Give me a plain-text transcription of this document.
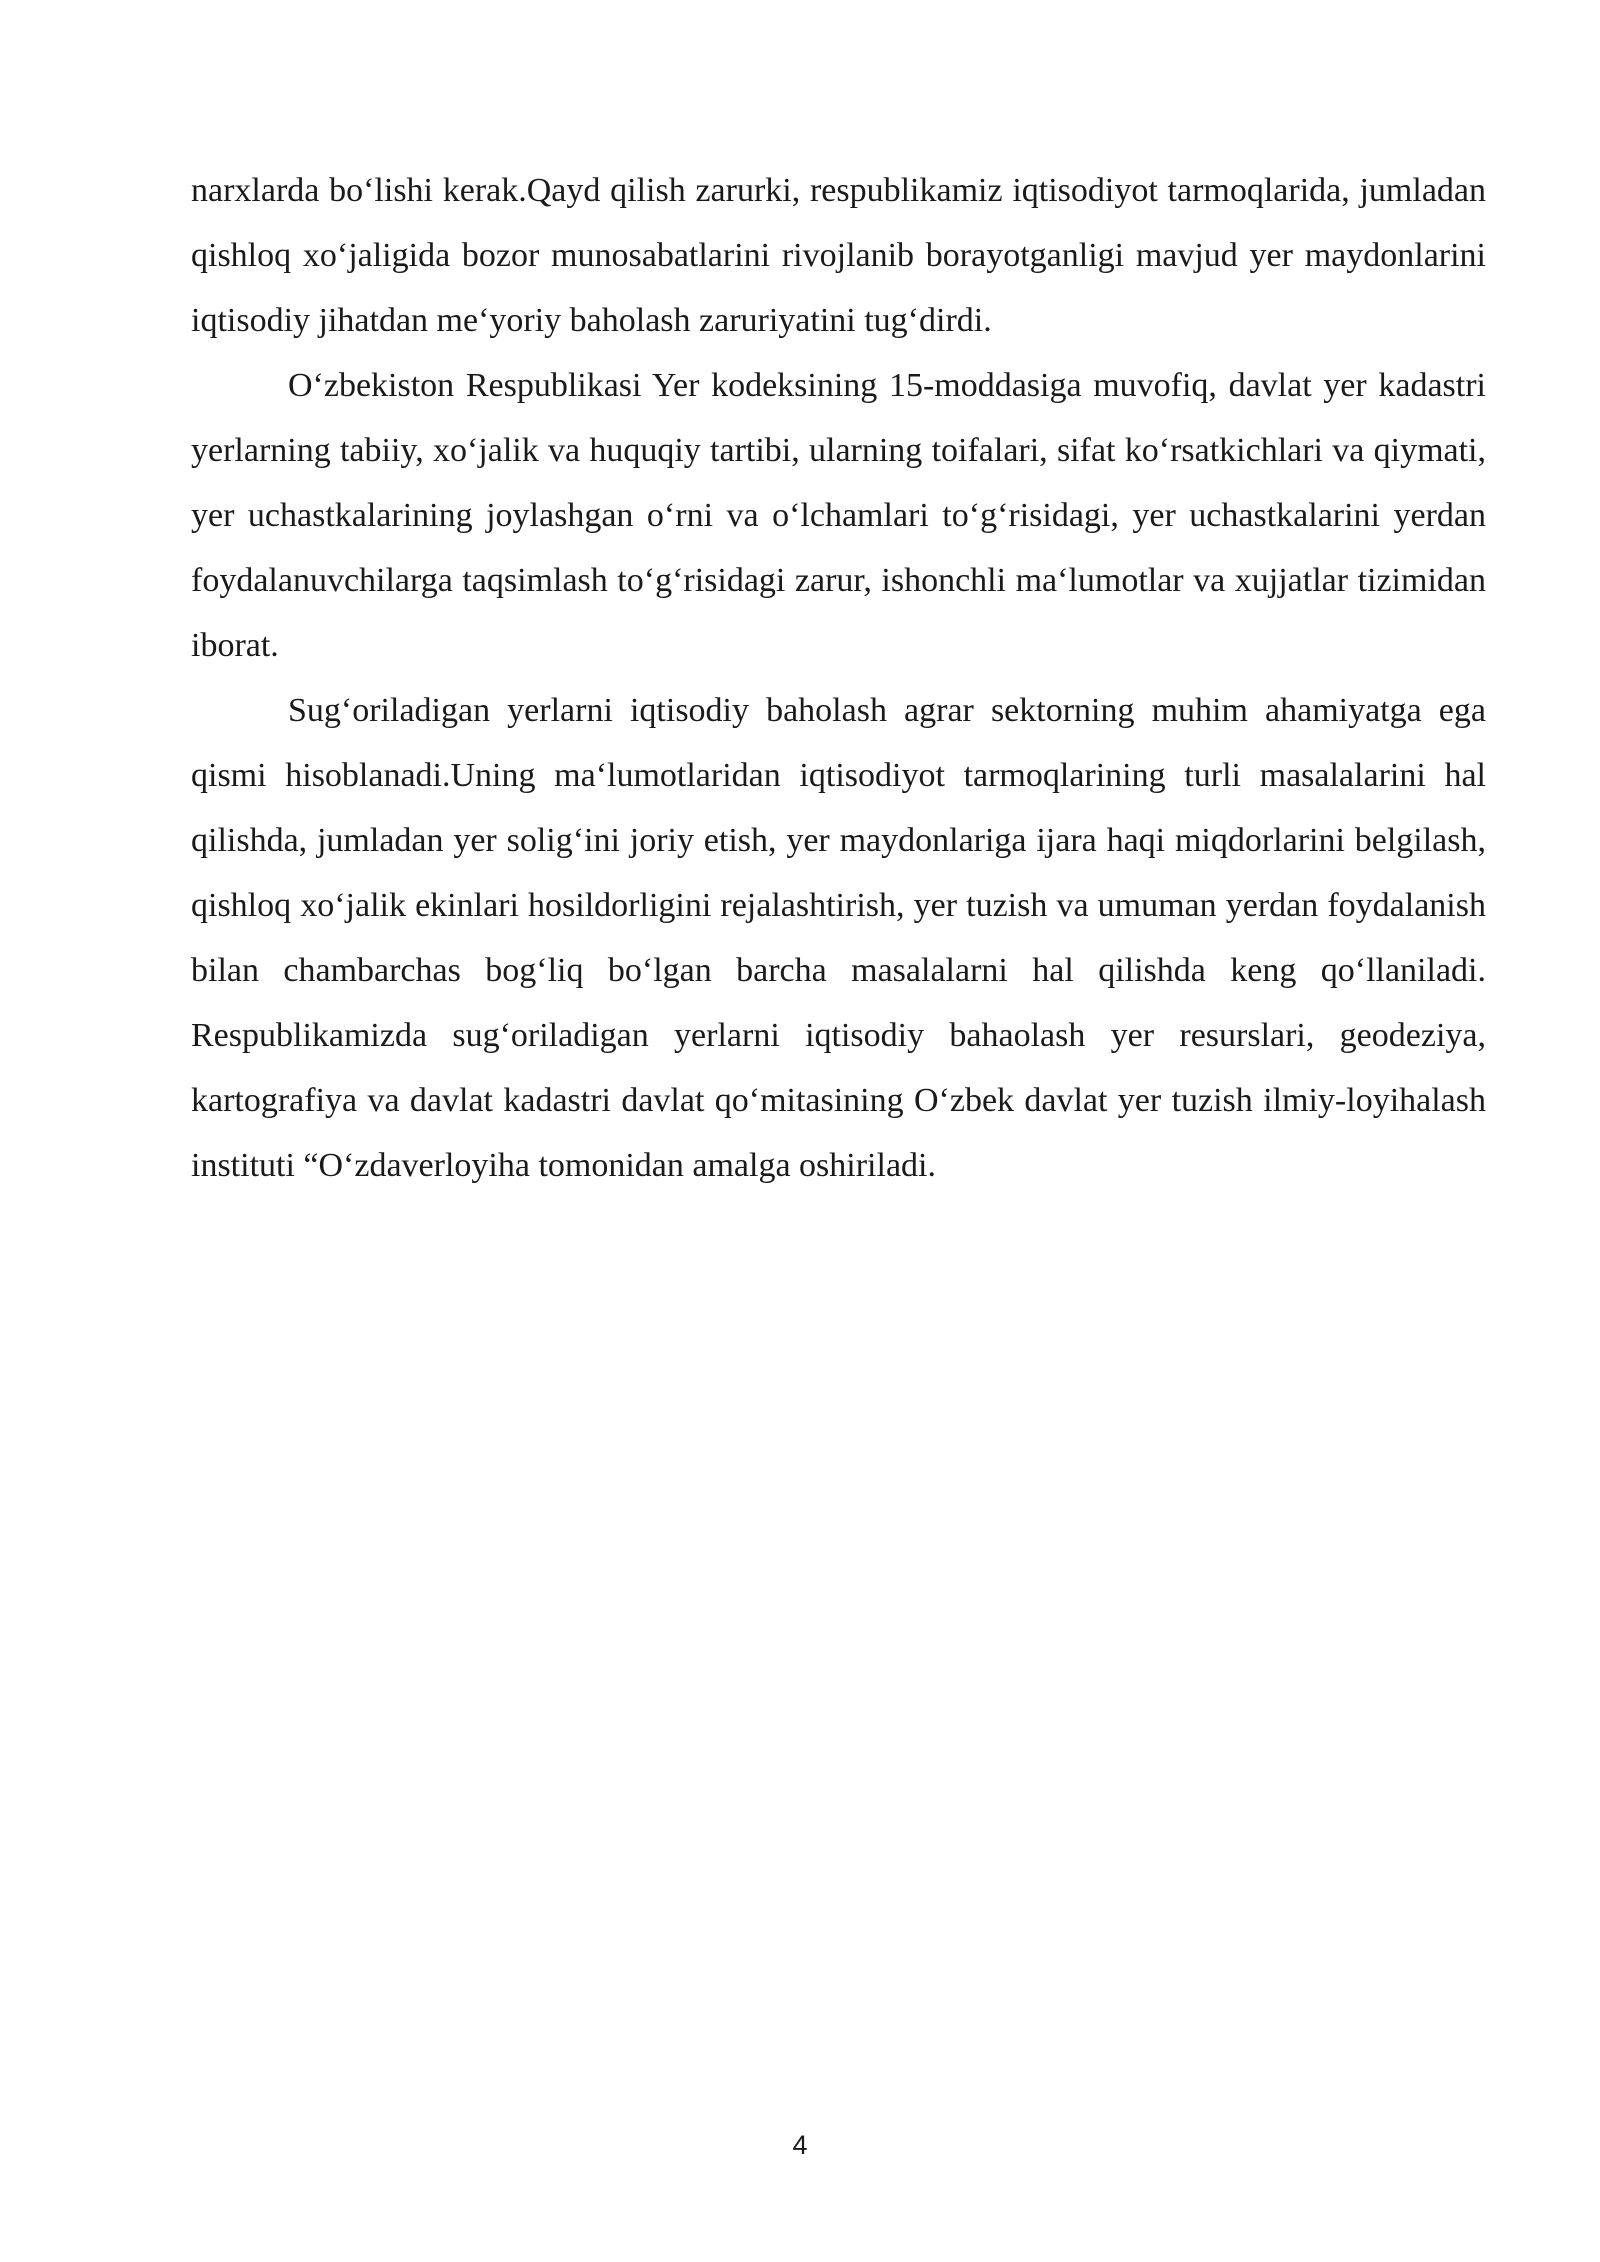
narxlarda bo‘lishi kerak.Qayd qilish zarurki, respublikamiz iqtisodiyot tarmoqlarida, jumladan qishloq xo‘jaligida bozor munosabatlarini rivojlanib borayotganligi mavjud yer maydonlarini iqtisodiy jihatdan me‘yoriy baholash zaruriyatini tug‘dirdi.

O‘zbekiston Respublikasi Yer kodeksining 15-moddasiga muvofiq, davlat yer kadastri yerlarning tabiiy, xo‘jalik va huquqiy tartibi, ularning toifalari, sifat ko‘rsatkichlari va qiymati, yer uchastkalarining joylashgan o‘rni va o‘lchamlari to‘g‘risidagi, yer uchastkalarini yerdan foydalanuvchilarga taqsimlash to‘g‘risidagi zarur, ishonchli ma‘lumotlar va xujjatlar tizimidan iborat.

Sug‘oriladigan yerlarni iqtisodiy baholash agrar sektorning muhim ahamiyatga ega qismi hisoblanadi.Uning ma‘lumotlaridan iqtisodiyot tarmoqlarining turli masalalarini hal qilishda, jumladan yer solig‘ini joriy etish, yer maydonlariga ijara haqi miqdorlarini belgilash, qishloq xo‘jalik ekinlari hosildorligini rejalashtirish, yer tuzish va umuman yerdan foydalanish bilan chambarchas bog‘liq bo‘lgan barcha masalalarni hal qilishda keng qo‘llaniladi. Respublikamizda sug‘oriladigan yerlarni iqtisodiy bahaolash yer resurslari, geodeziya, kartografiya va davlat kadastri davlat qo‘mitasining O‘zbek davlat yer tuzish ilmiy-loyihalash instituti “O‘zdaverloyiha tomonidan amalga oshiriladi.

4
